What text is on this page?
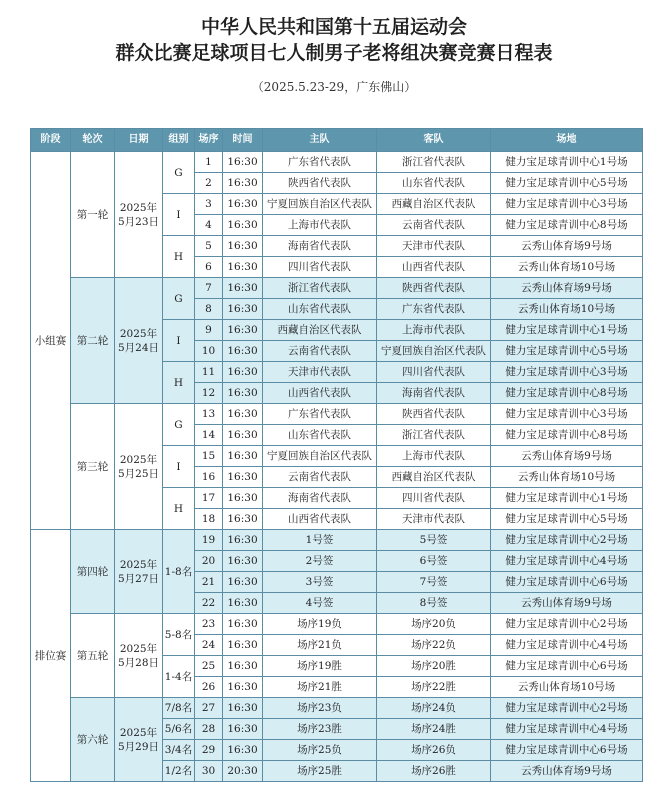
中华人民共和国第十五届运动会
群众比赛足球项目七人制男子老将组决赛竞赛日程表
（2025.5.23-29，广东佛山）
阶段	轮次	日期	组别	场序	时间	主队	客队	场地
小组赛	第一轮	2025年
5月23日	G	1	16:30	广东省代表队	浙江省代表队	健力宝足球青训中心1号场
				2	16:30	陕西省代表队	山东省代表队	健力宝足球青训中心5号场
			I	3	16:30	宁夏回族自治区代表队	西藏自治区代表队	健力宝足球青训中心3号场
				4	16:30	上海市代表队	云南省代表队	健力宝足球青训中心8号场
			H	5	16:30	海南省代表队	天津市代表队	云秀山体育场9号场
				6	16:30	四川省代表队	山西省代表队	云秀山体育场10号场
	第二轮	2025年
5月24日	G	7	16:30	浙江省代表队	陕西省代表队	云秀山体育场9号场
				8	16:30	山东省代表队	广东省代表队	云秀山体育场10号场
			I	9	16:30	西藏自治区代表队	上海市代表队	健力宝足球青训中心1号场
				10	16:30	云南省代表队	宁夏回族自治区代表队	健力宝足球青训中心5号场
			H	11	16:30	天津市代表队	四川省代表队	健力宝足球青训中心3号场
				12	16:30	山西省代表队	海南省代表队	健力宝足球青训中心8号场
	第三轮	2025年
5月25日	G	13	16:30	广东省代表队	陕西省代表队	健力宝足球青训中心3号场
				14	16:30	山东省代表队	浙江省代表队	健力宝足球青训中心8号场
			I	15	16:30	宁夏回族自治区代表队	上海市代表队	云秀山体育场9号场
				16	16:30	云南省代表队	西藏自治区代表队	云秀山体育场10号场
			H	17	16:30	海南省代表队	四川省代表队	健力宝足球青训中心1号场
				18	16:30	山西省代表队	天津市代表队	健力宝足球青训中心5号场
排位赛	第四轮	2025年
5月27日	1-8名	19	16:30	1号签	5号签	健力宝足球青训中心2号场
				20	16:30	2号签	6号签	健力宝足球青训中心4号场
				21	16:30	3号签	7号签	健力宝足球青训中心6号场
				22	16:30	4号签	8号签	云秀山体育场9号场
	第五轮	2025年
5月28日	5-8名	23	16:30	场序19负	场序20负	健力宝足球青训中心2号场
				24	16:30	场序21负	场序22负	健力宝足球青训中心4号场
			1-4名	25	16:30	场序19胜	场序20胜	健力宝足球青训中心6号场
				26	16:30	场序21胜	场序22胜	云秀山体育场10号场
	第六轮	2025年
5月29日	7/8名	27	16:30	场序23负	场序24负	健力宝足球青训中心2号场
			5/6名	28	16:30	场序23胜	场序24胜	健力宝足球青训中心4号场
			3/4名	29	16:30	场序25负	场序26负	健力宝足球青训中心6号场
			1/2名	30	20:30	场序25胜	场序26胜	云秀山体育场9号场
